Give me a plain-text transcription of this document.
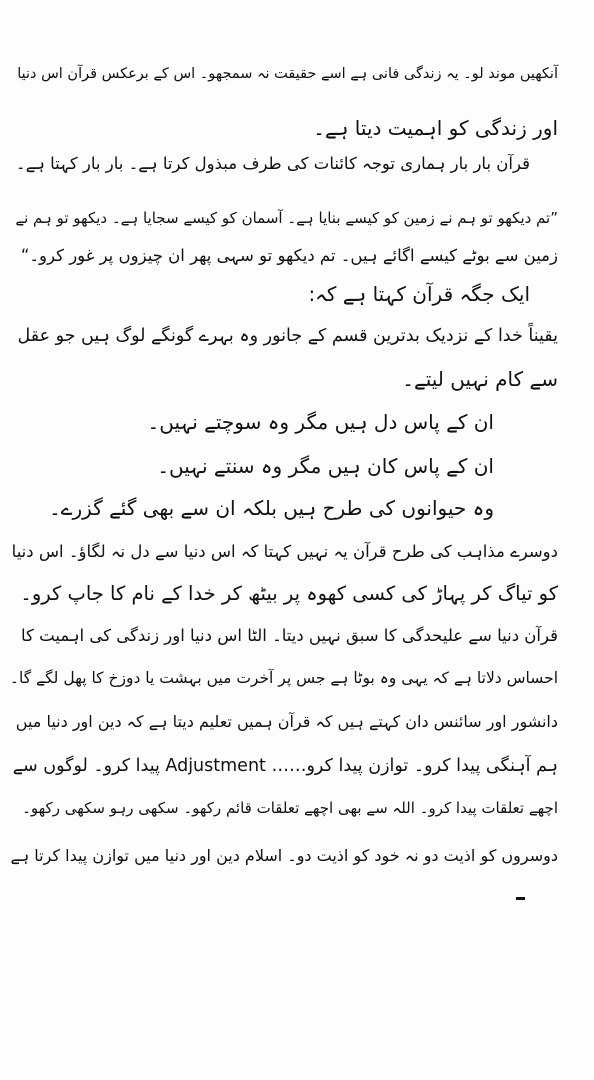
آنکھیں موند لو۔ یہ زندگی فانی ہے اسے حقیقت نہ سمجھو۔ اس کے برعکس قرآن اس دنیا
اور زندگی کو اہمیت دیتا ہے۔
قرآن بار بار ہماری توجہ کائنات کی طرف مبذول کرتا ہے۔ بار بار کہتا ہے۔
”تم دیکھو تو ہم نے زمین کو کیسے بنایا ہے۔ آسمان کو کیسے سجایا ہے۔ دیکھو تو ہم نے
زمین سے بوٹے کیسے اگائے ہیں۔ تم دیکھو تو سہی پھر ان چیزوں پر غور کرو۔“
ایک جگہ قرآن کہتا ہے کہ:
یقیناً خدا کے نزدیک بدترین قسم کے جانور وہ بہرے گونگے لوگ ہیں جو عقل
سے کام نہیں لیتے۔
ان کے پاس دل ہیں مگر وہ سوچتے نہیں۔
ان کے پاس کان ہیں مگر وہ سنتے نہیں۔
وہ حیوانوں کی طرح ہیں بلکہ ان سے بھی گئے گزرے۔
دوسرے مذاہب کی طرح قرآن یہ نہیں کہتا کہ اس دنیا سے دل نہ لگاؤ۔ اس دنیا
کو تیاگ کر پہاڑ کی کسی کھوہ پر بیٹھ کر خدا کے نام کا جاپ کرو۔
قرآن دنیا سے علیحدگی کا سبق نہیں دیتا۔ الٹا اس دنیا اور زندگی کی اہمیت کا
احساس دلاتا ہے کہ یہی وہ بوٹا ہے جس پر آخرت میں بہشت یا دوزخ کا پھل لگے گا۔
دانشور اور سائنس دان کہتے ہیں کہ قرآن ہمیں تعلیم دیتا ہے کہ دین اور دنیا میں
ہم آہنگی پیدا کرو۔ توازن پیدا کرو…… Adjustment پیدا کرو۔ لوگوں سے
اچھے تعلقات پیدا کرو۔ اللہ سے بھی اچھے تعلقات قائم رکھو۔ سکھی رہو سکھی رکھو۔
دوسروں کو اذیت دو نہ خود کو اذیت دو۔ اسلام دین اور دنیا میں توازن پیدا کرتا ہے
